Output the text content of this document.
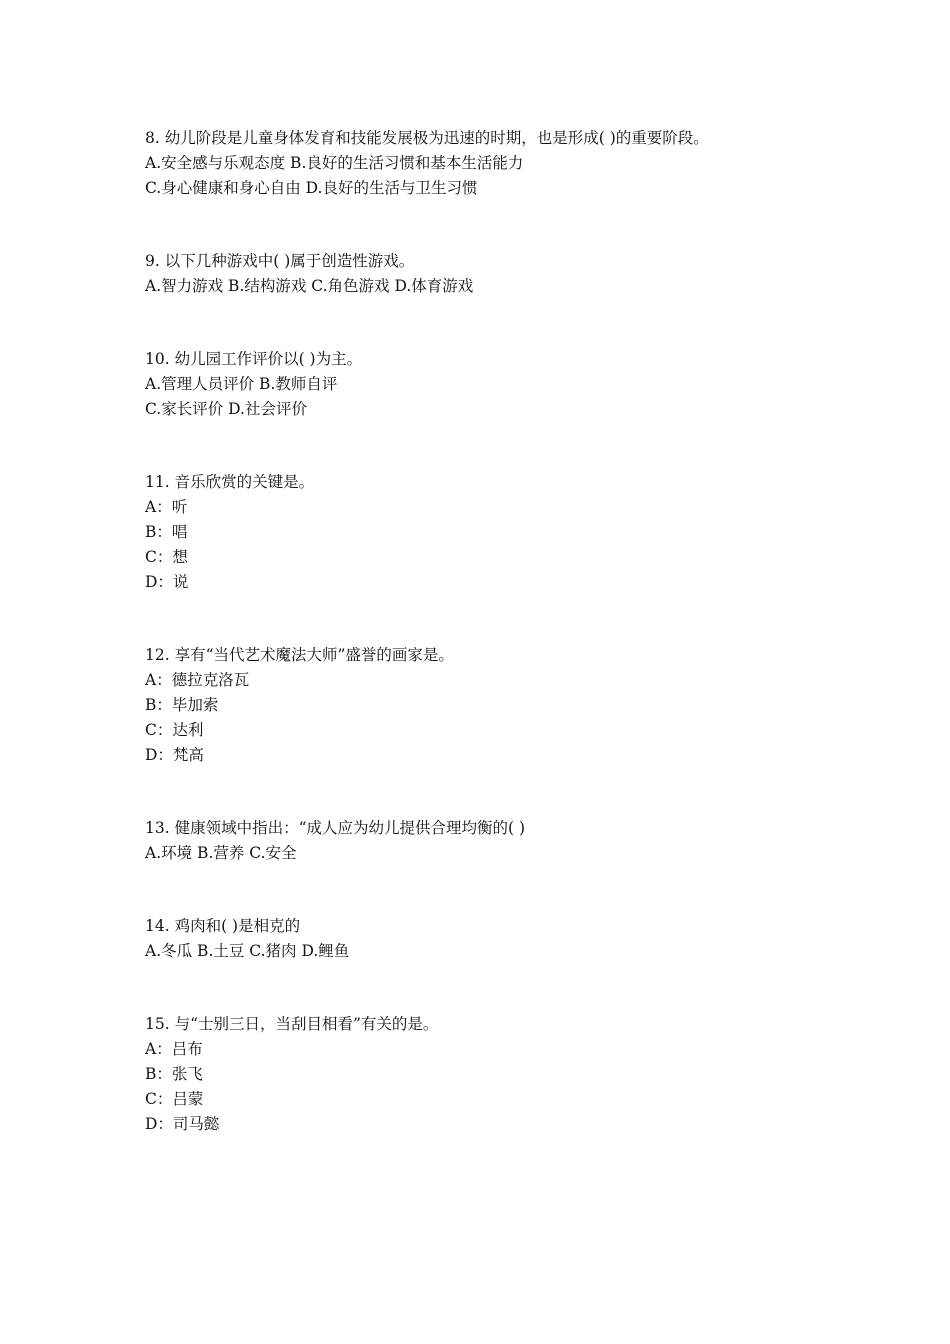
8. 幼儿阶段是儿童身体发育和技能发展极为迅速的时期，也是形成( )的重要阶段。
A.安全感与乐观态度 B.良好的生活习惯和基本生活能力
C.身心健康和身心自由 D.良好的生活与卫生习惯
9. 以下几种游戏中( )属于创造性游戏。
A.智力游戏 B.结构游戏 C.角色游戏 D.体育游戏
10. 幼儿园工作评价以( )为主。
A.管理人员评价 B.教师自评
C.家长评价 D.社会评价
11. 音乐欣赏的关键是。
A：听
B：唱
C：想
D：说
12. 享有“当代艺术魔法大师”盛誉的画家是。
A：德拉克洛瓦
B：毕加索
C：达利
D：梵高
13. 健康领域中指出：“成人应为幼儿提供合理均衡的( )
A.环境 B.营养 C.安全
14. 鸡肉和( )是相克的
A.冬瓜 B.土豆 C.猪肉 D.鲤鱼
15. 与“士别三日，当刮目相看”有关的是。
A：吕布
B：张飞
C：吕蒙
D：司马懿
